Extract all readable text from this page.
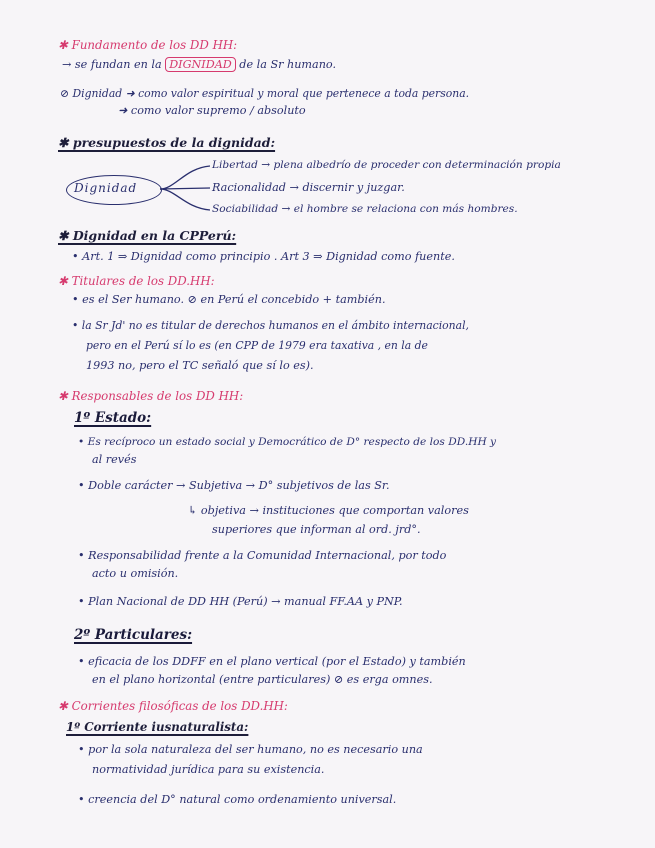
✱ Fundamento de los DD HH:
→ se fundan en la DIGNIDAD de la Sr humano.
⊘ Dignidad ➜ como valor espiritual y moral que pertenece a toda persona.
➜ como valor supremo / absoluto
✱ presupuestos de la dignidad:
Dignidad
Libertad → plena albedrío de proceder con determinación propia
Racionalidad → discernir y juzgar.
Sociabilidad → el hombre se relaciona con más hombres.
✱ Dignidad en la CPPerú:
• Art. 1 ⇒ Dignidad como principio . Art 3 ⇒ Dignidad como fuente.
✱ Titulares de los DD.HH:
• es el Ser humano. ⊘ en Perú el concebido + también.
• la Sr Jd' no es titular de derechos humanos en el ámbito internacional,
pero en el Perú sí lo es (en CPP de 1979 era taxativa , en la de
1993 no, pero el TC señaló que sí lo es).
✱ Responsables de los DD HH:
1º Estado:
• Es recíproco un estado social y Democrático de D° respecto de los DD.HH y
al revés
• Doble carácter → Subjetiva → D° subjetivos de las Sr.
↳ objetiva → instituciones que comportan valores
superiores que informan al ord. jrd°.
• Responsabilidad frente a la Comunidad Internacional, por todo
acto u omisión.
• Plan Nacional de DD HH (Perú) → manual FF.AA y PNP.
2º Particulares:
• eficacia de los DDFF en el plano vertical (por el Estado) y también
en el plano horizontal (entre particulares) ⊘ es erga omnes.
✱ Corrientes filosóficas de los DD.HH:
1º Corriente iusnaturalista:
• por la sola naturaleza del ser humano, no es necesario una
normatividad jurídica para su existencia.
• creencia del D° natural como ordenamiento universal.
